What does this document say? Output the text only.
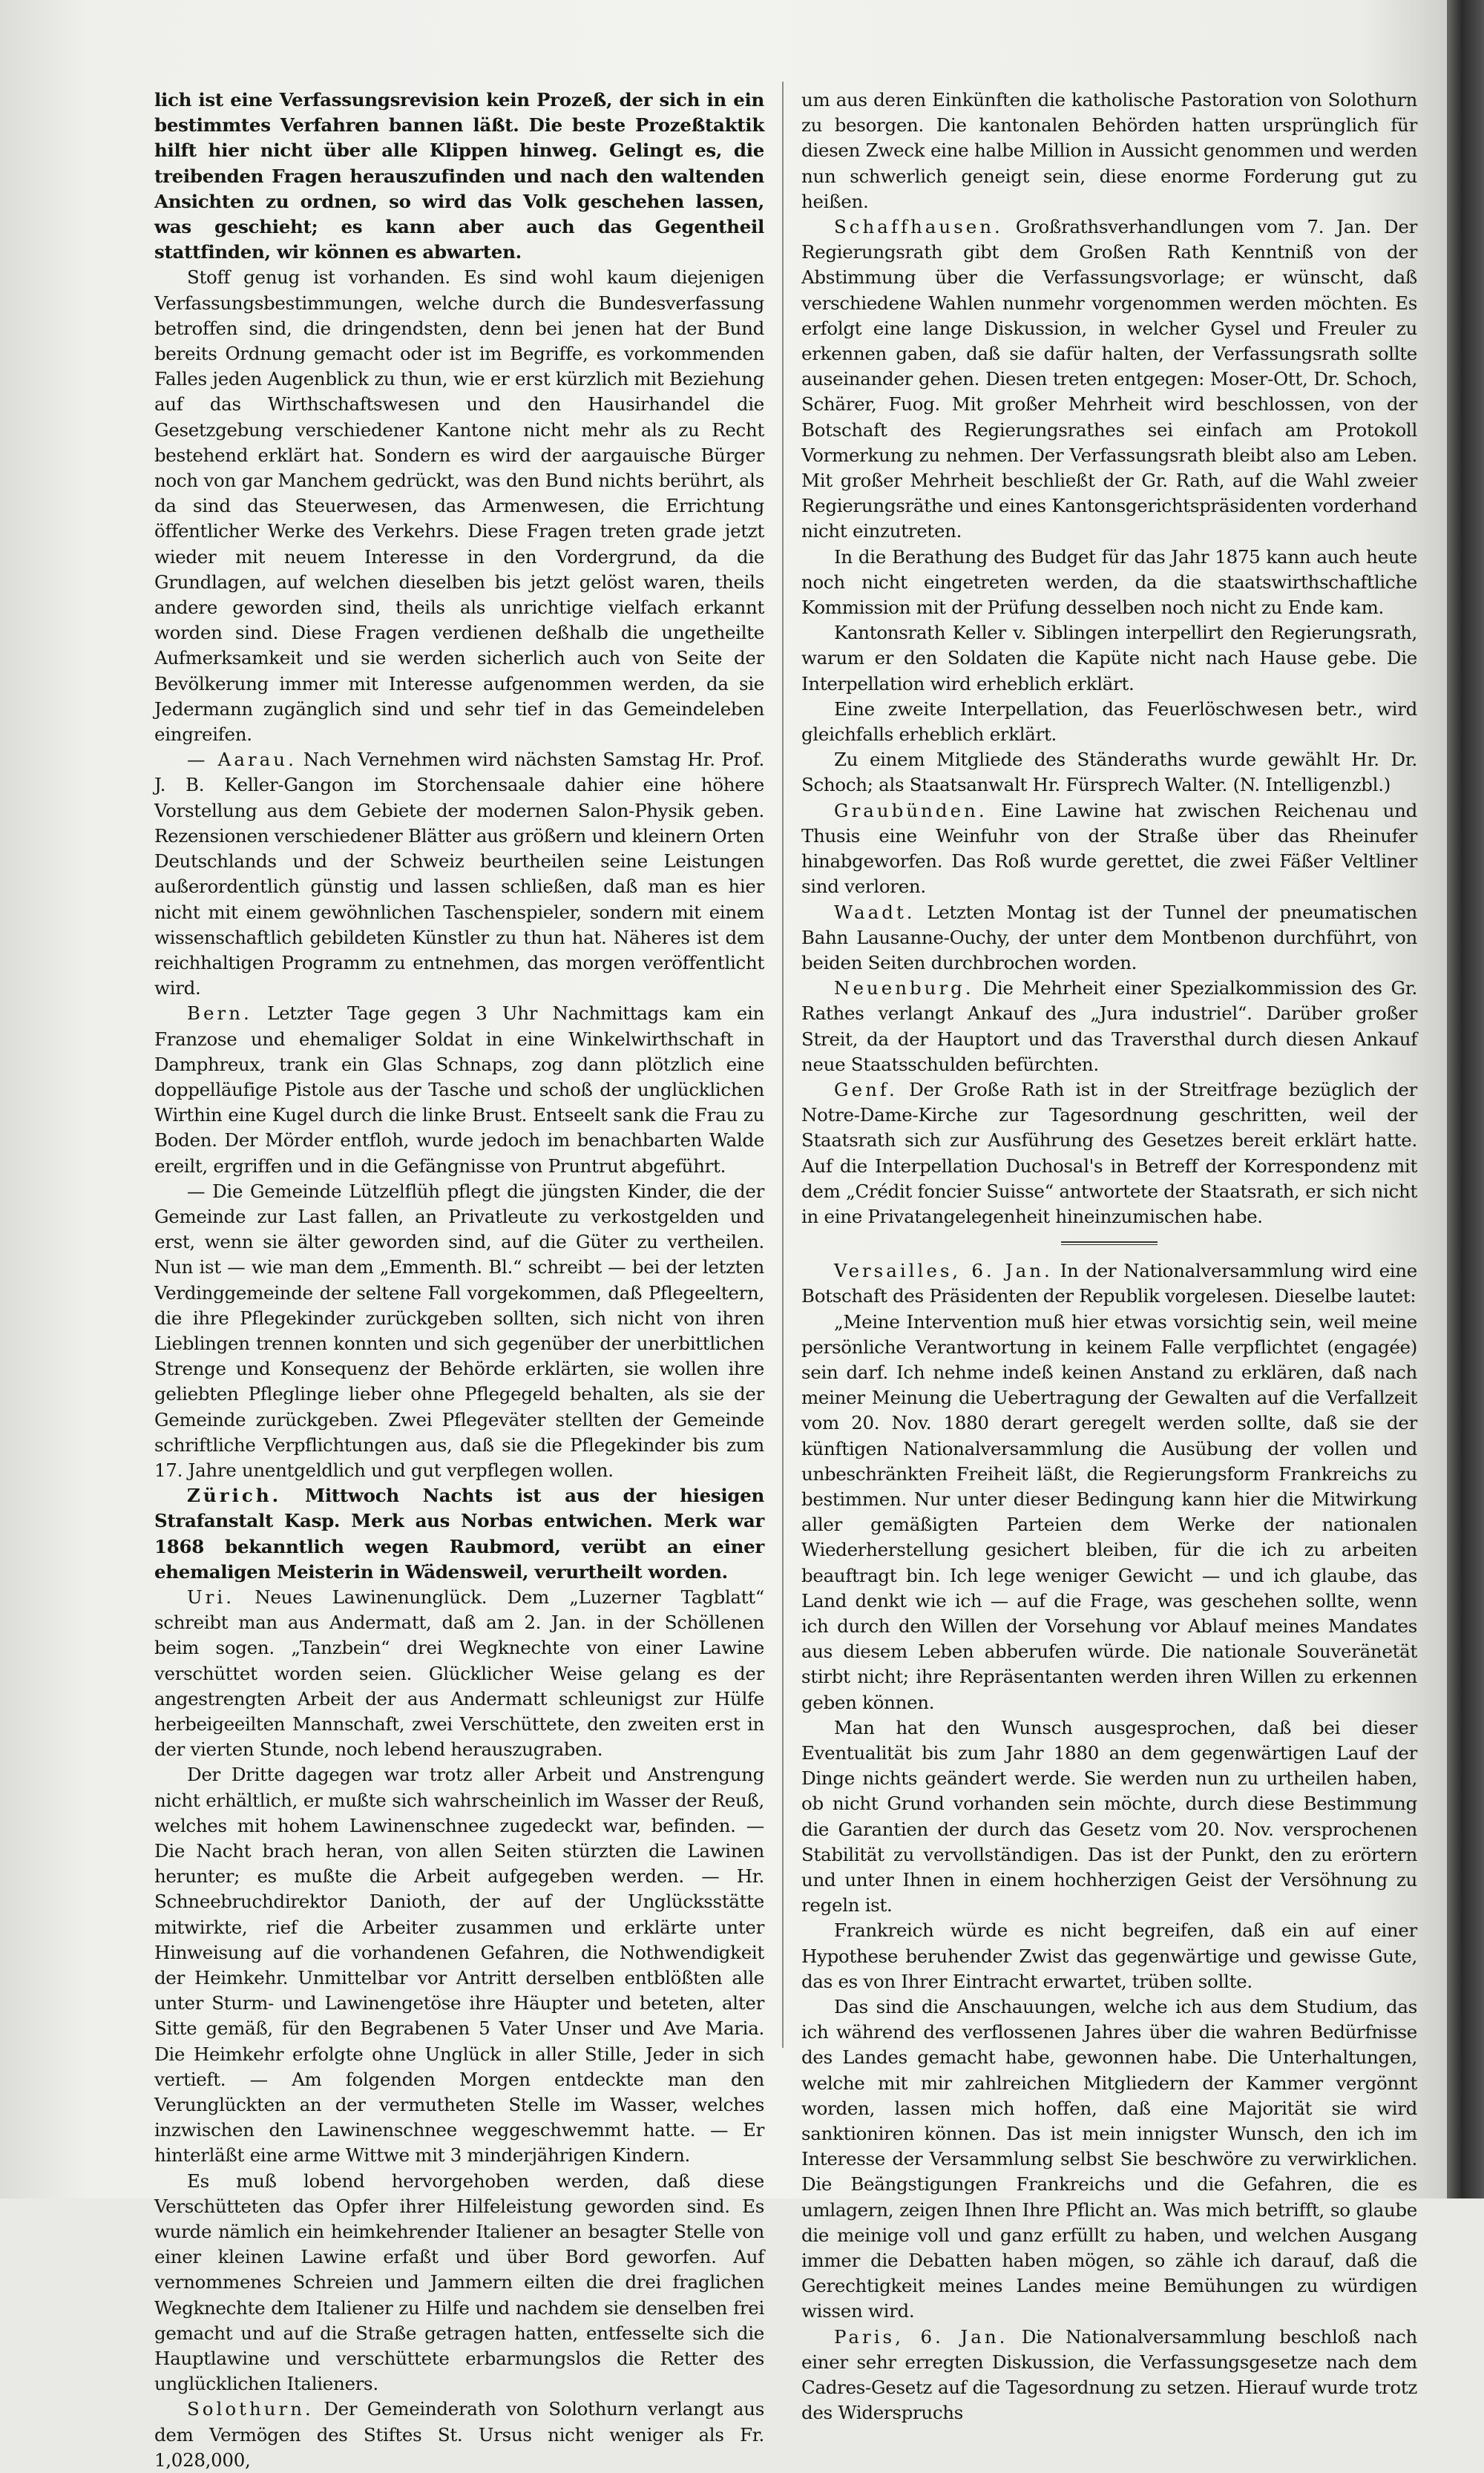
lich ist eine Verfassungsrevision kein Prozeß, der sich in ein bestimmtes Verfahren bannen läßt. Die beste Prozeßtaktik hilft hier nicht über alle Klippen hinweg. Gelingt es, die treibenden Fragen herauszufinden und nach den waltenden Ansichten zu ordnen, so wird das Volk geschehen lassen, was geschieht; es kann aber auch das Gegentheil stattfinden, wir können es abwarten.

Stoff genug ist vorhanden. Es sind wohl kaum diejenigen Verfassungsbestimmungen, welche durch die Bundesverfassung betroffen sind, die dringendsten, denn bei jenen hat der Bund bereits Ordnung gemacht oder ist im Begriffe, es vorkommenden Falles jeden Augenblick zu thun, wie er erst kürzlich mit Beziehung auf das Wirthschaftswesen und den Hausirhandel die Gesetzgebung verschiedener Kantone nicht mehr als zu Recht bestehend erklärt hat. Sondern es wird der aargauische Bürger noch von gar Manchem gedrückt, was den Bund nichts berührt, als da sind das Steuerwesen, das Armenwesen, die Errichtung öffentlicher Werke des Verkehrs. Diese Fragen treten grade jetzt wieder mit neuem Interesse in den Vordergrund, da die Grundlagen, auf welchen dieselben bis jetzt gelöst waren, theils andere geworden sind, theils als unrichtige vielfach erkannt worden sind. Diese Fragen verdienen deßhalb die ungetheilte Aufmerksamkeit und sie werden sicherlich auch von Seite der Bevölkerung immer mit Interesse aufgenommen werden, da sie Jedermann zugänglich sind und sehr tief in das Gemeindeleben eingreifen.

— Aarau. Nach Vernehmen wird nächsten Samstag Hr. Prof. J. B. Keller-Gangon im Storchensaale dahier eine höhere Vorstellung aus dem Gebiete der modernen Salon-Physik geben. Rezensionen verschiedener Blätter aus größern und kleinern Orten Deutschlands und der Schweiz beurtheilen seine Leistungen außerordentlich günstig und lassen schließen, daß man es hier nicht mit einem gewöhnlichen Taschenspieler, sondern mit einem wissenschaftlich gebildeten Künstler zu thun hat. Näheres ist dem reichhaltigen Programm zu entnehmen, das morgen veröffentlicht wird.

Bern. Letzter Tage gegen 3 Uhr Nachmittags kam ein Franzose und ehemaliger Soldat in eine Winkelwirthschaft in Damphreux, trank ein Glas Schnaps, zog dann plötzlich eine doppelläufige Pistole aus der Tasche und schoß der unglücklichen Wirthin eine Kugel durch die linke Brust. Entseelt sank die Frau zu Boden. Der Mörder entfloh, wurde jedoch im benachbarten Walde ereilt, ergriffen und in die Gefängnisse von Pruntrut abgeführt.

— Die Gemeinde Lützelflüh pflegt die jüngsten Kinder, die der Gemeinde zur Last fallen, an Privatleute zu verkostgelden und erst, wenn sie älter geworden sind, auf die Güter zu vertheilen. Nun ist — wie man dem „Emmenth. Bl.“ schreibt — bei der letzten Verdinggemeinde der seltene Fall vorgekommen, daß Pflegeeltern, die ihre Pflegekinder zurückgeben sollten, sich nicht von ihren Lieblingen trennen konnten und sich gegenüber der unerbittlichen Strenge und Konsequenz der Behörde erklärten, sie wollen ihre geliebten Pfleglinge lieber ohne Pflegegeld behalten, als sie der Gemeinde zurückgeben. Zwei Pflegeväter stellten der Gemeinde schriftliche Verpflichtungen aus, daß sie die Pflegekinder bis zum 17. Jahre unentgeldlich und gut verpflegen wollen.

Zürich. Mittwoch Nachts ist aus der hiesigen Strafanstalt Kasp. Merk aus Norbas entwichen. Merk war 1868 bekanntlich wegen Raubmord, verübt an einer ehemaligen Meisterin in Wädensweil, verurtheilt worden.

Uri. Neues Lawinenunglück. Dem „Luzerner Tagblatt“ schreibt man aus Andermatt, daß am 2. Jan. in der Schöllenen beim sogen. „Tanzbein“ drei Wegknechte von einer Lawine verschüttet worden seien. Glücklicher Weise gelang es der angestrengten Arbeit der aus Andermatt schleunigst zur Hülfe herbeigeeilten Mannschaft, zwei Verschüttete, den zweiten erst in der vierten Stunde, noch lebend herauszugraben.

Der Dritte dagegen war trotz aller Arbeit und Anstrengung nicht erhältlich, er mußte sich wahrscheinlich im Wasser der Reuß, welches mit hohem Lawinenschnee zugedeckt war, befinden. — Die Nacht brach heran, von allen Seiten stürzten die Lawinen herunter; es mußte die Arbeit aufgegeben werden. — Hr. Schneebruchdirektor Danioth, der auf der Unglücksstätte mitwirkte, rief die Arbeiter zusammen und erklärte unter Hinweisung auf die vorhandenen Gefahren, die Nothwendigkeit der Heimkehr. Unmittelbar vor Antritt derselben entblößten alle unter Sturm- und Lawinengetöse ihre Häupter und beteten, alter Sitte gemäß, für den Begrabenen 5 Vater Unser und Ave Maria. Die Heimkehr erfolgte ohne Unglück in aller Stille, Jeder in sich vertieft. — Am folgenden Morgen entdeckte man den Verunglückten an der vermutheten Stelle im Wasser, welches inzwischen den Lawinenschnee weggeschwemmt hatte. — Er hinterläßt eine arme Wittwe mit 3 minderjährigen Kindern.

Es muß lobend hervorgehoben werden, daß diese Verschütteten das Opfer ihrer Hilfeleistung geworden sind. Es wurde nämlich ein heimkehrender Italiener an besagter Stelle von einer kleinen Lawine erfaßt und über Bord geworfen. Auf vernommenes Schreien und Jammern eilten die drei fraglichen Wegknechte dem Italiener zu Hilfe und nachdem sie denselben frei gemacht und auf die Straße getragen hatten, entfesselte sich die Hauptlawine und verschüttete erbarmungslos die Retter des unglücklichen Italieners.

Solothurn. Der Gemeinderath von Solothurn verlangt aus dem Vermögen des Stiftes St. Ursus nicht weniger als Fr. 1,028,000,

um aus deren Einkünften die katholische Pastoration von Solothurn zu besorgen. Die kantonalen Behörden hatten ursprünglich für diesen Zweck eine halbe Million in Aussicht genommen und werden nun schwerlich geneigt sein, diese enorme Forderung gut zu heißen.

Schaffhausen. Großrathsverhandlungen vom 7. Jan. Der Regierungsrath gibt dem Großen Rath Kenntniß von der Abstimmung über die Verfassungsvorlage; er wünscht, daß verschiedene Wahlen nunmehr vorgenommen werden möchten. Es erfolgt eine lange Diskussion, in welcher Gysel und Freuler zu erkennen gaben, daß sie dafür halten, der Verfassungsrath sollte auseinander gehen. Diesen treten entgegen: Moser-Ott, Dr. Schoch, Schärer, Fuog. Mit großer Mehrheit wird beschlossen, von der Botschaft des Regierungsrathes sei einfach am Protokoll Vormerkung zu nehmen. Der Verfassungsrath bleibt also am Leben. Mit großer Mehrheit beschließt der Gr. Rath, auf die Wahl zweier Regierungsräthe und eines Kantonsgerichtspräsidenten vorderhand nicht einzutreten.

In die Berathung des Budget für das Jahr 1875 kann auch heute noch nicht eingetreten werden, da die staatswirthschaftliche Kommission mit der Prüfung desselben noch nicht zu Ende kam.

Kantonsrath Keller v. Siblingen interpellirt den Regierungsrath, warum er den Soldaten die Kapüte nicht nach Hause gebe. Die Interpellation wird erheblich erklärt.

Eine zweite Interpellation, das Feuerlöschwesen betr., wird gleichfalls erheblich erklärt.

Zu einem Mitgliede des Ständeraths wurde gewählt Hr. Dr. Schoch; als Staatsanwalt Hr. Fürsprech Walter. (N. Intelligenzbl.)

Graubünden. Eine Lawine hat zwischen Reichenau und Thusis eine Weinfuhr von der Straße über das Rheinufer hinabgeworfen. Das Roß wurde gerettet, die zwei Fäßer Veltliner sind verloren.

Waadt. Letzten Montag ist der Tunnel der pneumatischen Bahn Lausanne-Ouchy, der unter dem Montbenon durchführt, von beiden Seiten durchbrochen worden.

Neuenburg. Die Mehrheit einer Spezialkommission des Gr. Rathes verlangt Ankauf des „Jura industriel“. Darüber großer Streit, da der Hauptort und das Traversthal durch diesen Ankauf neue Staatsschulden befürchten.

Genf. Der Große Rath ist in der Streitfrage bezüglich der Notre-Dame-Kirche zur Tagesordnung geschritten, weil der Staatsrath sich zur Ausführung des Gesetzes bereit erklärt hatte. Auf die Interpellation Duchosal's in Betreff der Korrespondenz mit dem „Crédit foncier Suisse“ antwortete der Staatsrath, er sich nicht in eine Privatangelegenheit hineinzumischen habe.

Versailles, 6. Jan. In der Nationalversammlung wird eine Botschaft des Präsidenten der Republik vorgelesen. Dieselbe lautet:

„Meine Intervention muß hier etwas vorsichtig sein, weil meine persönliche Verantwortung in keinem Falle verpflichtet (engagée) sein darf. Ich nehme indeß keinen Anstand zu erklären, daß nach meiner Meinung die Uebertragung der Gewalten auf die Verfallzeit vom 20. Nov. 1880 derart geregelt werden sollte, daß sie der künftigen Nationalversammlung die Ausübung der vollen und unbeschränkten Freiheit läßt, die Regierungsform Frankreichs zu bestimmen. Nur unter dieser Bedingung kann hier die Mitwirkung aller gemäßigten Parteien dem Werke der nationalen Wiederherstellung gesichert bleiben, für die ich zu arbeiten beauftragt bin. Ich lege weniger Gewicht — und ich glaube, das Land denkt wie ich — auf die Frage, was geschehen sollte, wenn ich durch den Willen der Vorsehung vor Ablauf meines Mandates aus diesem Leben abberufen würde. Die nationale Souveränetät stirbt nicht; ihre Repräsentanten werden ihren Willen zu erkennen geben können.

Man hat den Wunsch ausgesprochen, daß bei dieser Eventualität bis zum Jahr 1880 an dem gegenwärtigen Lauf der Dinge nichts geändert werde. Sie werden nun zu urtheilen haben, ob nicht Grund vorhanden sein möchte, durch diese Bestimmung die Garantien der durch das Gesetz vom 20. Nov. versprochenen Stabilität zu vervollständigen. Das ist der Punkt, den zu erörtern und unter Ihnen in einem hochherzigen Geist der Versöhnung zu regeln ist.

Frankreich würde es nicht begreifen, daß ein auf einer Hypothese beruhender Zwist das gegenwärtige und gewisse Gute, das es von Ihrer Eintracht erwartet, trüben sollte.

Das sind die Anschauungen, welche ich aus dem Studium, das ich während des verflossenen Jahres über die wahren Bedürfnisse des Landes gemacht habe, gewonnen habe. Die Unterhaltungen, welche mit mir zahlreichen Mitgliedern der Kammer vergönnt worden, lassen mich hoffen, daß eine Majorität sie wird sanktioniren können. Das ist mein innigster Wunsch, den ich im Interesse der Versammlung selbst Sie beschwöre zu verwirklichen. Die Beängstigungen Frankreichs und die Gefahren, die es umlagern, zeigen Ihnen Ihre Pflicht an. Was mich betrifft, so glaube die meinige voll und ganz erfüllt zu haben, und welchen Ausgang immer die Debatten haben mögen, so zähle ich darauf, daß die Gerechtigkeit meines Landes meine Bemühungen zu würdigen wissen wird.

Paris, 6. Jan. Die Nationalversammlung beschloß nach einer sehr erregten Diskussion, die Verfassungsgesetze nach dem Cadres-Gesetz auf die Tagesordnung zu setzen. Hierauf wurde trotz des Widerspruchs
